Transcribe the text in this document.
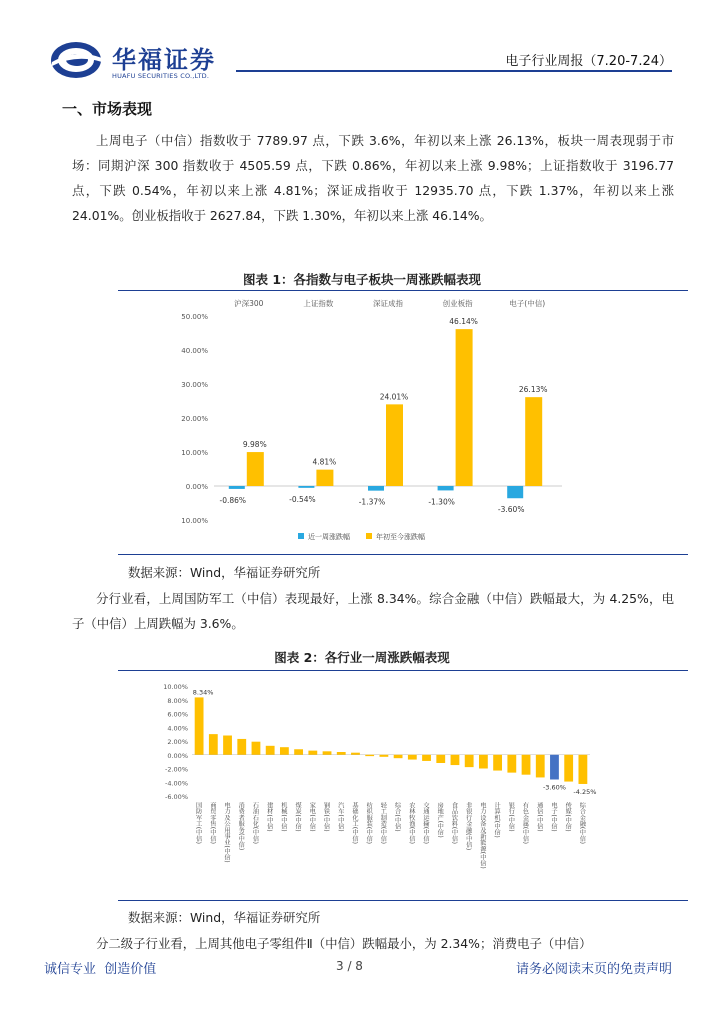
华福证券
HUAFU SECURITIES CO.,LTD.
电子行业周报（7.20-7.24）
一、市场表现
上周电子（中信）指数收于 7789.97 点，下跌 3.6%，年初以来上涨 26.13%，板块一周表现弱于市场：同期沪深 300 指数收于 4505.59 点，下跌 0.86%，年初以来上涨 9.98%；上证指数收于 3196.77 点，下跌 0.54%，年初以来上涨 4.81%；深证成指收于 12935.70 点，下跌 1.37%，年初以来上涨 24.01%。创业板指收于 2627.84，下跌 1.30%，年初以来上涨 46.14%。
图表 1：各指数与电子板块一周涨跌幅表现
50.00%
40.00%
30.00%
20.00%
10.00%
0.00%
10.00%
沪深300
-0.86%
9.98%
上证指数
-0.54%
4.81%
深证成指
-1.37%
24.01%
创业板指
-1.30%
46.14%
电子(中信)
-3.60%
26.13%
近一周涨跌幅	年初至今涨跌幅
数据来源：Wind，华福证券研究所
分行业看，上周国防军工（中信）表现最好，上涨 8.34%。综合金融（中信）跌幅最大，为 4.25%，电子（中信）上周跌幅为 3.6%。
图表 2：各行业一周涨跌幅表现
10.00%
8.00%
6.00%
4.00%
2.00%
0.00%
-2.00%
-4.00%
-6.00%
国防军工(中信) 商贸零售(中信) 电力及公用事业(中信) 消费者服务(中信) 石油石化(中信) 建材(中信) 机械(中信) 煤炭(中信) 家电(中信) 钢铁(中信) 汽车(中信) 基础化工(中信) 纺织服装(中信) 轻工制造(中信) 综合(中信) 农林牧渔(中信) 交通运输(中信) 房地产(中信) 食品饮料(中信) 非银行金融(中信) 电力设备及新能源(中信) 计算机(中信) 银行(中信) 有色金属(中信) 通信(中信) 电子(中信) 传媒(中信) 综合金融(中信)
8.34%
-3.60%
-4.25%
数据来源：Wind，华福证券研究所
分二级子行业看，上周其他电子零组件Ⅱ（中信）跌幅最小，为 2.34%；消费电子（中信）
诚信专业  创造价值	3 / 8	请务必阅读末页的免责声明
